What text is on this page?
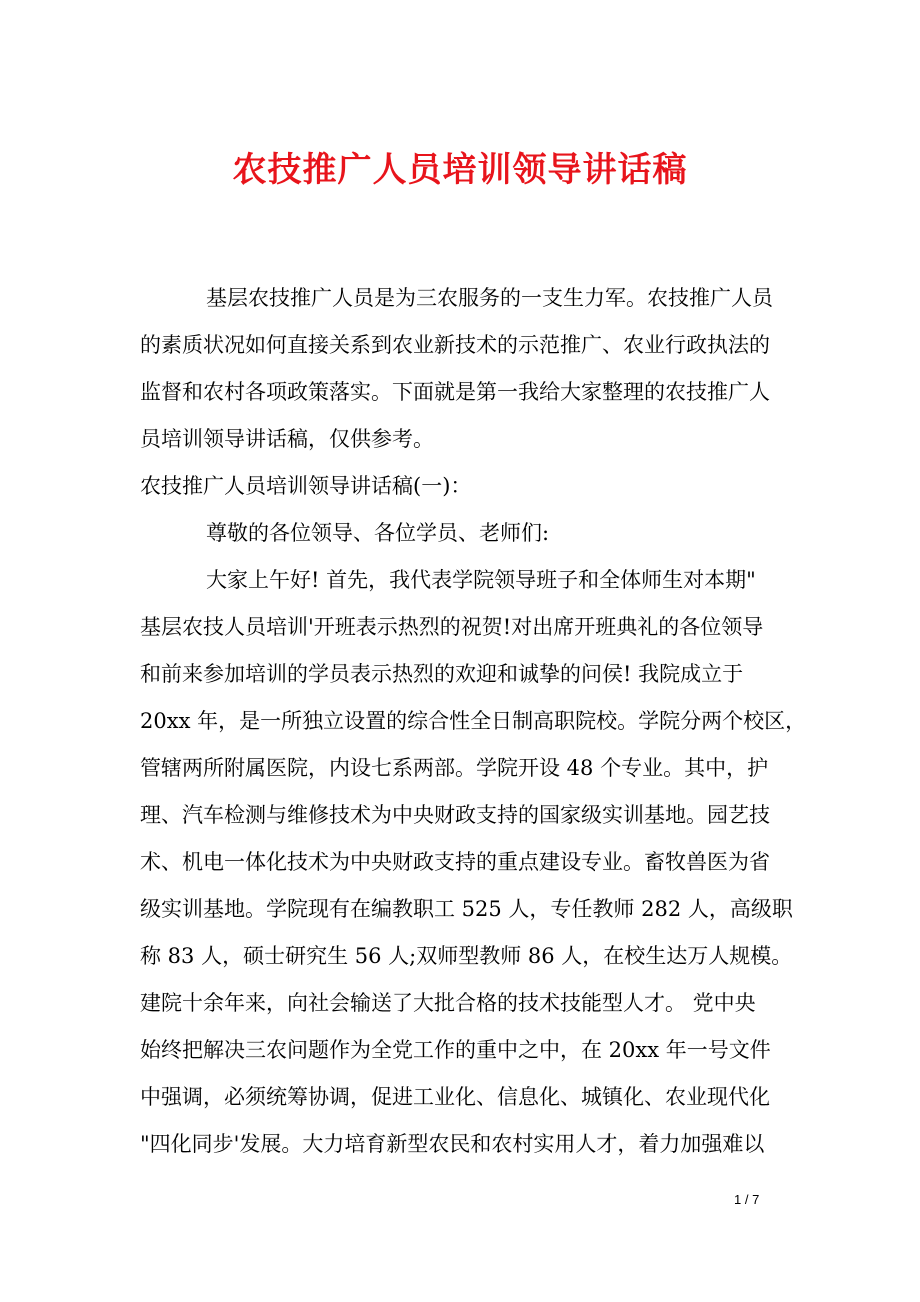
农技推广人员培训领导讲话稿
基层农技推广人员是为三农服务的一支生力军。农技推广人员
的素质状况如何直接关系到农业新技术的示范推广、农业行政执法的
监督和农村各项政策落实。下面就是第一我给大家整理的农技推广人
员培训领导讲话稿，仅供参考。
农技推广人员培训领导讲话稿(一)：
尊敬的各位领导、各位学员、老师们:
大家上午好! 首先，我代表学院领导班子和全体师生对本期"
基层农技人员培训'开班表示热烈的祝贺!对出席开班典礼的各位领导
和前来参加培训的学员表示热烈的欢迎和诚挚的问侯! 我院成立于
20xx 年，是一所独立设置的综合性全日制高职院校。学院分两个校区，
管辖两所附属医院，内设七系两部。学院开设 48 个专业。其中，护
理、汽车检测与维修技术为中央财政支持的国家级实训基地。园艺技
术、机电一体化技术为中央财政支持的重点建设专业。畜牧兽医为省
级实训基地。学院现有在编教职工 525 人，专任教师 282 人，高级职
称 83 人，硕士研究生 56 人;双师型教师 86 人，在校生达万人规模。
建院十余年来，向社会输送了大批合格的技术技能型人才。 党中央
始终把解决三农问题作为全党工作的重中之中，在 20xx 年一号文件
中强调，必须统筹协调，促进工业化、信息化、城镇化、农业现代化
"四化同步'发展。大力培育新型农民和农村实用人才，着力加强难以
1 / 7
